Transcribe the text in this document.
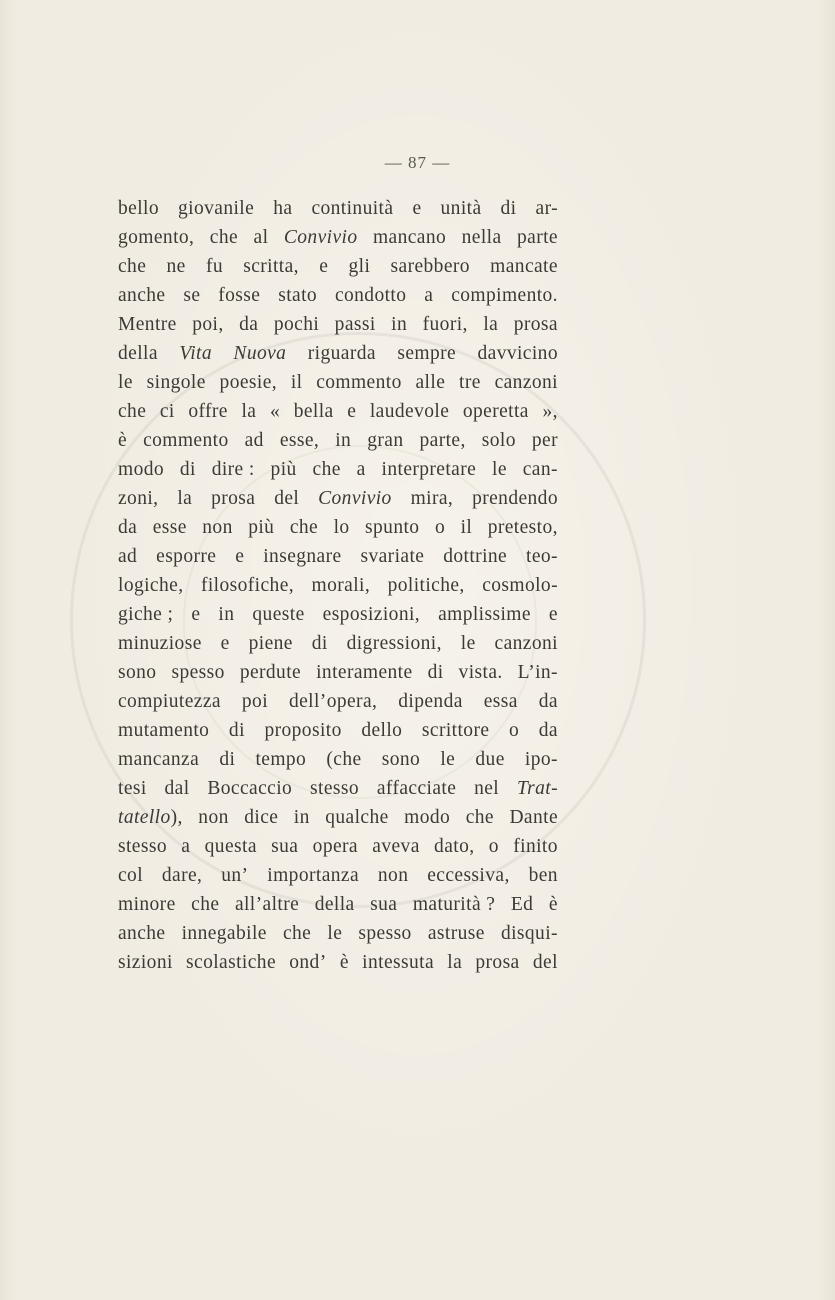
— 87 —
bello giovanile ha continuità e unità di ar-
gomento, che al Convivio mancano nella parte
che ne fu scritta, e gli sarebbero mancate
anche se fosse stato condotto a compimento.
Mentre poi, da pochi passi in fuori, la prosa
della Vita Nuova riguarda sempre davvicino
le singole poesie, il commento alle tre canzoni
che ci offre la « bella e laudevole operetta »,
è commento ad esse, in gran parte, solo per
modo di dire : più che a interpretare le can-
zoni, la prosa del Convivio mira, prendendo
da esse non più che lo spunto o il pretesto,
ad esporre e insegnare svariate dottrine teo-
logiche, filosofiche, morali, politiche, cosmolo-
giche ; e in queste esposizioni, amplissime e
minuziose e piene di digressioni, le canzoni
sono spesso perdute interamente di vista. L’in-
compiutezza poi dell’opera, dipenda essa da
mutamento di proposito dello scrittore o da
mancanza di tempo (che sono le due ipo-
tesi dal Boccaccio stesso affacciate nel Trat-
tatello), non dice in qualche modo che Dante
stesso a questa sua opera aveva dato, o finito
col dare, un’ importanza non eccessiva, ben
minore che all’altre della sua maturità ? Ed è
anche innegabile che le spesso astruse disqui-
sizioni scolastiche ond’ è intessuta la prosa del
